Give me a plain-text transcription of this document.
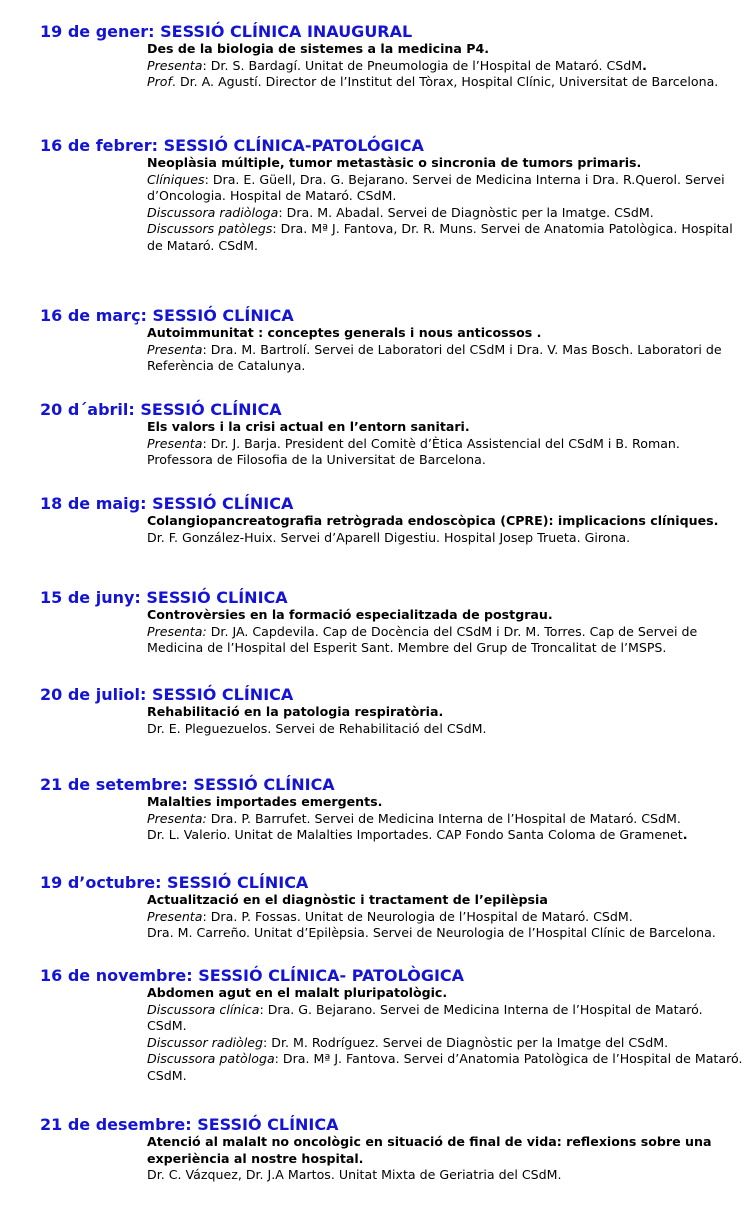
19 de gener: SESSIÓ CLÍNICA INAUGURAL
Des de la biologia de sistemes a la medicina P4.
Presenta: Dr. S. Bardagí. Unitat de Pneumologia de l’Hospital de Mataró. CSdM.
Prof. Dr. A. Agustí. Director de l’Institut del Tòrax, Hospital Clínic, Universitat de Barcelona.
16 de febrer: SESSIÓ CLÍNICA-PATOLÓGICA
Neoplàsia múltiple, tumor metastàsic o sincronia de tumors primaris.
Clíniques: Dra. E. Güell, Dra. G. Bejarano. Servei de Medicina Interna i Dra. R.Querol. Servei
d’Oncologia. Hospital de Mataró. CSdM.
Discussora radiòloga: Dra. M. Abadal. Servei de Diagnòstic per la Imatge. CSdM.
Discussors patòlegs: Dra. Mª J. Fantova, Dr. R. Muns. Servei de Anatomia Patològica. Hospital de Mataró. CSdM.
16 de març: SESSIÓ CLÍNICA
Autoimmunitat : conceptes generals i nous anticossos .
Presenta: Dra. M. Bartrolí. Servei de Laboratori del CSdM i Dra. V. Mas Bosch. Laboratori de Referència de Catalunya.
20 d´abril: SESSIÓ CLÍNICA
Els valors i la crisi actual en l’entorn sanitari.
Presenta: Dr. J. Barja. President del Comitè d’Ètica Assistencial del CSdM i B. Roman. Professora de Filosofia de la Universitat de Barcelona.
18 de maig: SESSIÓ CLÍNICA
Colangiopancreatografia retrògrada endoscòpica (CPRE): implicacions clíniques.
Dr. F. González-Huix. Servei d’Aparell Digestiu. Hospital Josep Trueta. Girona.
15 de juny: SESSIÓ CLÍNICA
Controvèrsies en la formació especialitzada de postgrau.
Presenta: Dr. JA. Capdevila. Cap de Docència del CSdM i Dr. M. Torres. Cap de Servei de Medicina de l’Hospital del Esperit Sant. Membre del Grup de Troncalitat de l’MSPS.
20 de juliol: SESSIÓ CLÍNICA
Rehabilitació en la patologia respiratòria.
Dr. E. Pleguezuelos. Servei de Rehabilitació del CSdM.
21 de setembre: SESSIÓ CLÍNICA
Malalties importades emergents.
Presenta: Dra. P. Barrufet. Servei de Medicina Interna de l’Hospital de Mataró. CSdM.
Dr. L. Valerio. Unitat de Malalties Importades. CAP Fondo Santa Coloma de Gramenet.
19 d’octubre: SESSIÓ CLÍNICA
Actualització en el diagnòstic i tractament de l’epilèpsia
Presenta: Dra. P. Fossas. Unitat de Neurologia de l’Hospital de Mataró. CSdM.
Dra. M. Carreño. Unitat d’Epilèpsia. Servei de Neurologia de l’Hospital Clínic de Barcelona.
16 de novembre: SESSIÓ CLÍNICA- PATOLÒGICA
Abdomen agut en el malalt pluripatològic.
Discussora clínica: Dra. G. Bejarano. Servei de Medicina Interna de l’Hospital de Mataró. CSdM.
Discussor radiòleg: Dr. M. Rodríguez. Servei de Diagnòstic per la Imatge del CSdM.
Discussora patòloga: Dra. Mª J. Fantova. Servei d’Anatomia Patològica de l’Hospital de Mataró. CSdM.
21 de desembre: SESSIÓ CLÍNICA
Atenció al malalt no oncològic en situació de final de vida: reflexions sobre una experiència al nostre hospital.
Dr. C. Vázquez, Dr. J.A Martos. Unitat Mixta de Geriatria del CSdM.
